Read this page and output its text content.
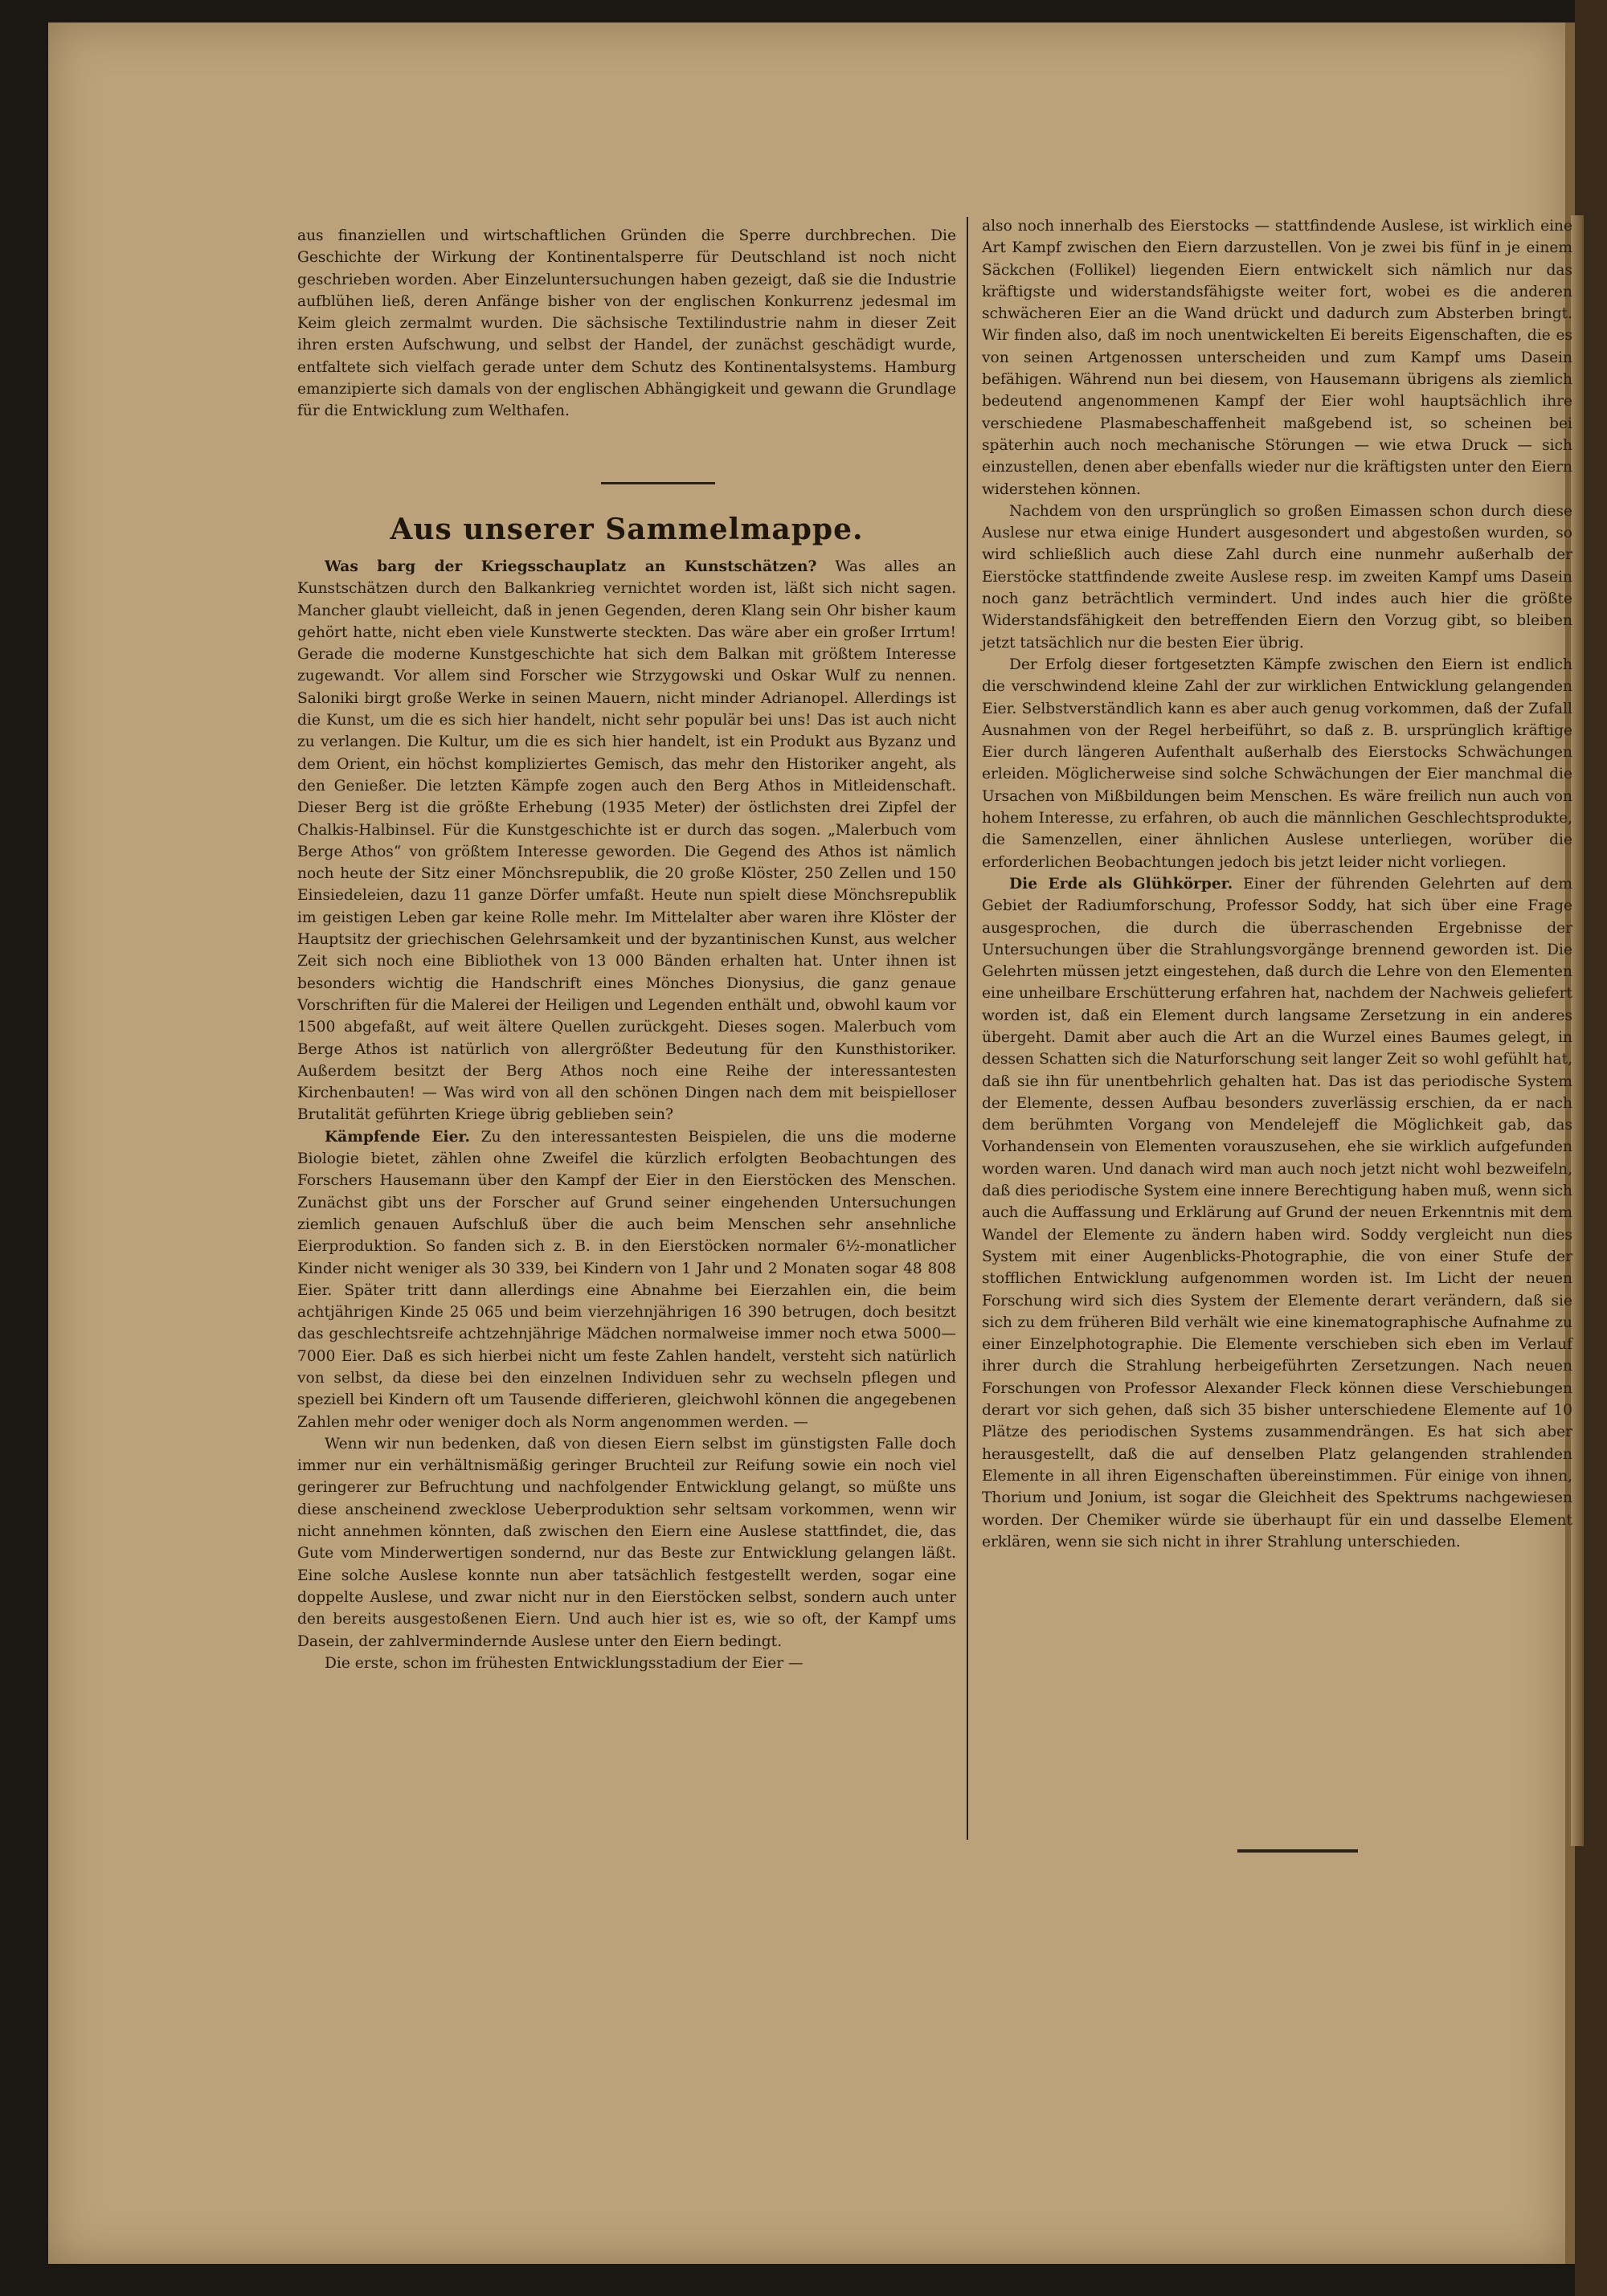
aus finanziellen und wirtschaftlichen Gründen die Sperre durchbrechen. Die Geschichte der Wirkung der Kontinentalsperre für Deutschland ist noch nicht geschrieben worden. Aber Einzeluntersuchungen haben gezeigt, daß sie die Industrie aufblühen ließ, deren Anfänge bisher von der englischen Konkurrenz jedesmal im Keim gleich zermalmt wurden. Die sächsische Textilindustrie nahm in dieser Zeit ihren ersten Aufschwung, und selbst der Handel, der zunächst geschädigt wurde, entfaltete sich vielfach gerade unter dem Schutz des Kontinentalsystems. Hamburg emanzipierte sich damals von der englischen Abhängigkeit und gewann die Grundlage für die Entwicklung zum Welthafen.

Aus unserer Sammelmappe.

Was barg der Kriegsschauplatz an Kunstschätzen? Was alles an Kunstschätzen durch den Balkankrieg vernichtet worden ist, läßt sich nicht sagen. Mancher glaubt vielleicht, daß in jenen Gegenden, deren Klang sein Ohr bisher kaum gehört hatte, nicht eben viele Kunstwerte steckten. Das wäre aber ein großer Irrtum! Gerade die moderne Kunstgeschichte hat sich dem Balkan mit größtem Interesse zugewandt. Vor allem sind Forscher wie Strzygowski und Oskar Wulf zu nennen. Saloniki birgt große Werke in seinen Mauern, nicht minder Adrianopel. Allerdings ist die Kunst, um die es sich hier handelt, nicht sehr populär bei uns! Das ist auch nicht zu verlangen. Die Kultur, um die es sich hier handelt, ist ein Produkt aus Byzanz und dem Orient, ein höchst kompliziertes Gemisch, das mehr den Historiker angeht, als den Genießer. Die letzten Kämpfe zogen auch den Berg Athos in Mitleidenschaft. Dieser Berg ist die größte Erhebung (1935 Meter) der östlichsten drei Zipfel der Chalkis-Halbinsel. Für die Kunstgeschichte ist er durch das sogen. „Malerbuch vom Berge Athos“ von größtem Interesse geworden. Die Gegend des Athos ist nämlich noch heute der Sitz einer Mönchsrepublik, die 20 große Klöster, 250 Zellen und 150 Einsiedeleien, dazu 11 ganze Dörfer umfaßt. Heute nun spielt diese Mönchsrepublik im geistigen Leben gar keine Rolle mehr. Im Mittelalter aber waren ihre Klöster der Hauptsitz der griechischen Gelehrsamkeit und der byzantinischen Kunst, aus welcher Zeit sich noch eine Bibliothek von 13 000 Bänden erhalten hat. Unter ihnen ist besonders wichtig die Handschrift eines Mönches Dionysius, die ganz genaue Vorschriften für die Malerei der Heiligen und Legenden enthält und, obwohl kaum vor 1500 abgefaßt, auf weit ältere Quellen zurückgeht. Dieses sogen. Malerbuch vom Berge Athos ist natürlich von allergrößter Bedeutung für den Kunsthistoriker. Außerdem besitzt der Berg Athos noch eine Reihe der interessantesten Kirchenbauten! — Was wird von all den schönen Dingen nach dem mit beispielloser Brutalität geführten Kriege übrig geblieben sein?

Kämpfende Eier. Zu den interessantesten Beispielen, die uns die moderne Biologie bietet, zählen ohne Zweifel die kürzlich erfolgten Beobachtungen des Forschers Hausemann über den Kampf der Eier in den Eierstöcken des Menschen. Zunächst gibt uns der Forscher auf Grund seiner eingehenden Untersuchungen ziemlich genauen Aufschluß über die auch beim Menschen sehr ansehnliche Eierproduktion. So fanden sich z. B. in den Eierstöcken normaler 6½-monatlicher Kinder nicht weniger als 30 339, bei Kindern von 1 Jahr und 2 Monaten sogar 48 808 Eier. Später tritt dann allerdings eine Abnahme bei Eierzahlen ein, die beim achtjährigen Kinde 25 065 und beim vierzehnjährigen 16 390 betrugen, doch besitzt das geschlechtsreife achtzehnjährige Mädchen normalweise immer noch etwa 5000—7000 Eier. Daß es sich hierbei nicht um feste Zahlen handelt, versteht sich natürlich von selbst, da diese bei den einzelnen Individuen sehr zu wechseln pflegen und speziell bei Kindern oft um Tausende differieren, gleichwohl können die angegebenen Zahlen mehr oder weniger doch als Norm angenommen werden. —

Wenn wir nun bedenken, daß von diesen Eiern selbst im günstigsten Falle doch immer nur ein verhältnismäßig geringer Bruchteil zur Reifung sowie ein noch viel geringerer zur Befruchtung und nachfolgender Entwicklung gelangt, so müßte uns diese anscheinend zwecklose Ueberproduktion sehr seltsam vorkommen, wenn wir nicht annehmen könnten, daß zwischen den Eiern eine Auslese stattfindet, die, das Gute vom Minderwertigen sondernd, nur das Beste zur Entwicklung gelangen läßt. Eine solche Auslese konnte nun aber tatsächlich festgestellt werden, sogar eine doppelte Auslese, und zwar nicht nur in den Eierstöcken selbst, sondern auch unter den bereits ausgestoßenen Eiern. Und auch hier ist es, wie so oft, der Kampf ums Dasein, der zahlvermindernde Auslese unter den Eiern bedingt.

Die erste, schon im frühesten Entwicklungsstadium der Eier —

also noch innerhalb des Eierstocks — stattfindende Auslese, ist wirklich eine Art Kampf zwischen den Eiern darzustellen. Von je zwei bis fünf in je einem Säckchen (Follikel) liegenden Eiern entwickelt sich nämlich nur das kräftigste und widerstandsfähigste weiter fort, wobei es die anderen schwächeren Eier an die Wand drückt und dadurch zum Absterben bringt. Wir finden also, daß im noch unentwickelten Ei bereits Eigenschaften, die es von seinen Artgenossen unterscheiden und zum Kampf ums Dasein befähigen. Während nun bei diesem, von Hausemann übrigens als ziemlich bedeutend angenommenen Kampf der Eier wohl hauptsächlich ihre verschiedene Plasmabeschaffenheit maßgebend ist, so scheinen bei späterhin auch noch mechanische Störungen — wie etwa Druck — sich einzustellen, denen aber ebenfalls wieder nur die kräftigsten unter den Eiern widerstehen können.

Nachdem von den ursprünglich so großen Eimassen schon durch diese Auslese nur etwa einige Hundert ausgesondert und abgestoßen wurden, so wird schließlich auch diese Zahl durch eine nunmehr außerhalb der Eierstöcke stattfindende zweite Auslese resp. im zweiten Kampf ums Dasein noch ganz beträchtlich vermindert. Und indes auch hier die größte Widerstandsfähigkeit den betreffenden Eiern den Vorzug gibt, so bleiben jetzt tatsächlich nur die besten Eier übrig.

Der Erfolg dieser fortgesetzten Kämpfe zwischen den Eiern ist endlich die verschwindend kleine Zahl der zur wirklichen Entwicklung gelangenden Eier. Selbstverständlich kann es aber auch genug vorkommen, daß der Zufall Ausnahmen von der Regel herbeiführt, so daß z. B. ursprünglich kräftige Eier durch längeren Aufenthalt außerhalb des Eierstocks Schwächungen erleiden. Möglicherweise sind solche Schwächungen der Eier manchmal die Ursachen von Mißbildungen beim Menschen. Es wäre freilich nun auch von hohem Interesse, zu erfahren, ob auch die männlichen Geschlechtsprodukte, die Samenzellen, einer ähnlichen Auslese unterliegen, worüber die erforderlichen Beobachtungen jedoch bis jetzt leider nicht vorliegen.

Die Erde als Glühkörper. Einer der führenden Gelehrten auf dem Gebiet der Radiumforschung, Professor Soddy, hat sich über eine Frage ausgesprochen, die durch die überraschenden Ergebnisse der Untersuchungen über die Strahlungsvorgänge brennend geworden ist. Die Gelehrten müssen jetzt eingestehen, daß durch die Lehre von den Elementen eine unheilbare Erschütterung erfahren hat, nachdem der Nachweis geliefert worden ist, daß ein Element durch langsame Zersetzung in ein anderes übergeht. Damit aber auch die Art an die Wurzel eines Baumes gelegt, in dessen Schatten sich die Naturforschung seit langer Zeit so wohl gefühlt hat, daß sie ihn für unentbehrlich gehalten hat. Das ist das periodische System der Elemente, dessen Aufbau besonders zuverlässig erschien, da er nach dem berühmten Vorgang von Mendelejeff die Möglichkeit gab, das Vorhandensein von Elementen vorauszusehen, ehe sie wirklich aufgefunden worden waren. Und danach wird man auch noch jetzt nicht wohl bezweifeln, daß dies periodische System eine innere Berechtigung haben muß, wenn sich auch die Auffassung und Erklärung auf Grund der neuen Erkenntnis mit dem Wandel der Elemente zu ändern haben wird. Soddy vergleicht nun dies System mit einer Augenblicks-Photographie, die von einer Stufe der stofflichen Entwicklung aufgenommen worden ist. Im Licht der neuen Forschung wird sich dies System der Elemente derart verändern, daß sie sich zu dem früheren Bild verhält wie eine kinematographische Aufnahme zu einer Einzelphotographie. Die Elemente verschieben sich eben im Verlauf ihrer durch die Strahlung herbeigeführten Zersetzungen. Nach neuen Forschungen von Professor Alexander Fleck können diese Verschiebungen derart vor sich gehen, daß sich 35 bisher unterschiedene Elemente auf 10 Plätze des periodischen Systems zusammendrängen. Es hat sich aber herausgestellt, daß die auf denselben Platz gelangenden strahlenden Elemente in all ihren Eigenschaften übereinstimmen. Für einige von ihnen, Thorium und Jonium, ist sogar die Gleichheit des Spektrums nachgewiesen worden. Der Chemiker würde sie überhaupt für ein und dasselbe Element erklären, wenn sie sich nicht in ihrer Strahlung unterschieden.
